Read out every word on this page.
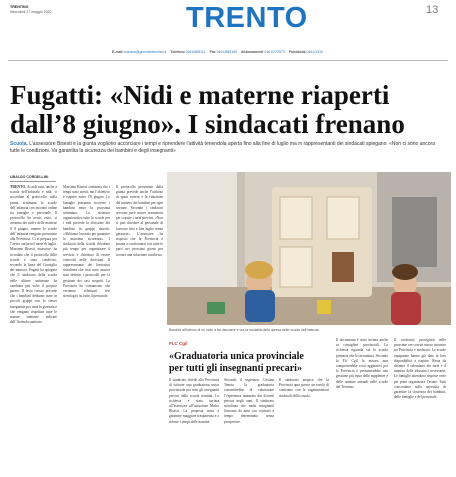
TRENTINO
Mercoledì 27 maggio 2020	TRENTO	13
E-mail cronaca@giornaletrentino.it Telefono 0461/885111 Fax 0461/885160 Abbonamenti 0461/272573 Pubblicità 0461/1910
Fugatti: «Nidi e materne riaperti
dall’8 giugno». I sindacati frenano
Scuola. L’assessore Bisesti e la giunta vogliono accorciare i tempi e riprendere l’attività tenendola aperta fino alla fine di luglio ma in rappresentanti dei sindacati spiegano: «Non ci sono ancora tutte le condizioni. Va garantita la sicurezza dei bambini e degli insegnanti»
UBALDO CORDELLINI
TRENTO. Ai nidi tutti, anche a scuola dell’infanzia e nidi, si accordino al protocollo: nella prima settimana le scuole dell’infanzia con incontri online tra famiglie e personale. Il protocollo ha avuto esito, si avranno dei nidi e delle materne il 8 giugno, mentre le scuole dell’infanzia vengono presentate alla Provincia. Ci si prepara per l’avvio anche nel mese di luglio. Massimo Bisesti, assessore, ha ricordato che il protocollo delle scuole è stato condiviso, secondo la linea del Consiglio dei ministri. Fugatti ha spiegato che il sindacato della scuola nelle ultime settimane ha cambiato più volte il proprio parere. Il testo rivisto prevede che i bambini debbano stare in piccoli gruppi con lo stesso insegnante per tutta la giornata e che vengano rispettate tutte le misure sanitarie indicate dall’Azienda sanitaria.
Massimo Bisesti conferma che i tempi sono stretti, ma l’obiettivo è riaprire entro l’8 giugno. Le famiglie potranno iscrivere i bambini entro la prossima settimana. La struttura organizzativa tutte le scuole per i nidi prevede la divisione dei bambini in gruppi ristretti. «Abbiamo lavorato per garantire la massima sicurezza». I sindacati della scuola chiedono più tempo per organizzare il servizio e chiedono di essere coinvolti nelle decisioni. Il rappresentante dei lavoratori sottolinea che non sono ancora stati definiti i protocolli per la gestione dei casi sospetti. La Provincia ha comunicato che verranno effettuati test sierologici su tutto il personale.
Il protocollo presentato dalla giunta prevede anche l’utilizzo di spazi esterni e la riduzione del numero dei bambini per ogni sezione. Secondo i sindacati servono però nuove assunzioni per coprire i turni previsti. «Non si può chiedere al personale di lavorare fino a fine luglio senza garanzie». L’assessore ha risposto che la Provincia è pronta a confrontarsi con tutte le parti nei prossimi giorni per trovare una soluzione condivisa.
Il confronto proseguirà nelle prossime ore con un nuovo incontro tra Provincia e sindacati. Le scuole equiparate hanno già dato la loro disponibilità a riaprire. Resta da definire il calendario dei turni e il numero delle educatrici necessarie. Le famiglie attendono risposte certe per poter organizzare l’estate. Tutti concordano sulla necessità di garantire la sicurezza dei bambini, delle famiglie e del personale.
Bambini all’interno di un nido: a far discutere è ora la modalità della ripresa delle scuole dell’infanzia
FLC Cgil
«Graduatoria unica provinciale
per tutti gli insegnanti precari»
Il sindacato chiede alla Provincia di istituire una graduatoria unica provinciale per tutti gli insegnanti precari della scuola trentina. La richiesta è stata inviata all’assessore all’istruzione Mirko Bisesti. La proposta mira a garantire maggiore trasparenza e a ridurre i tempi delle nomine.
Secondo il segretario Cristina Tenuta la graduatoria consentirebbe di valorizzare l’esperienza maturata dai docenti precari negli anni. Il sindacato sottolinea che molti insegnanti lavorano da anni con contratti a tempo determinato senza prospettive.
Il sindacato auspica che la Provincia apra presto un tavolo di confronto con le organizzazioni sindacali della scuola.
Il documento è stato inviato anche ai consiglieri provinciali. La richiesta riguarda sia la scuola primaria che la secondaria. Secondo la Flc Cgil la misura non comporterebbe costi aggiuntivi per la Provincia e permetterebbe una gestione più equa delle supplenze e delle nomine annuali nelle scuole del Trentino.
